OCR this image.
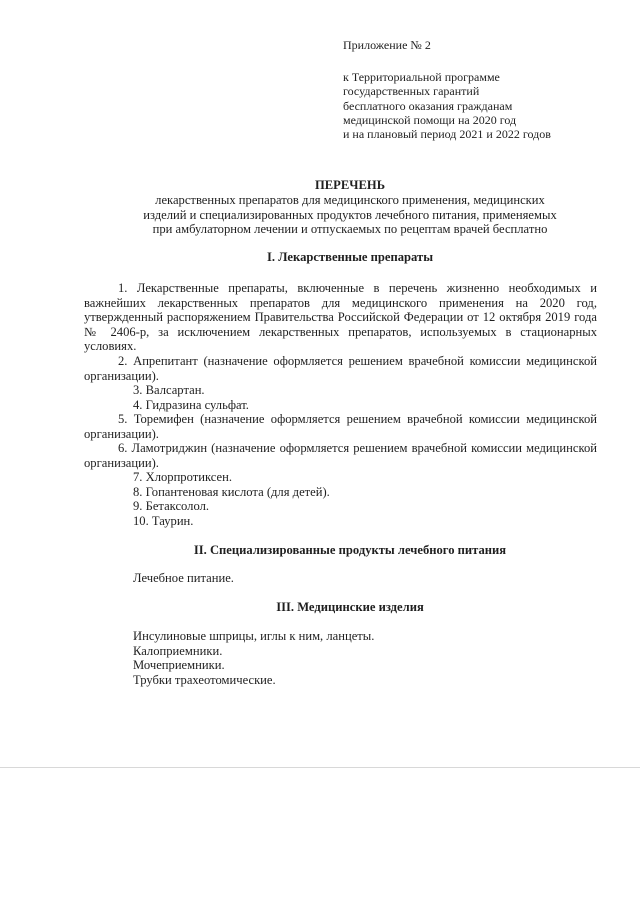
Приложение № 2
к Территориальной программе
государственных гарантий
бесплатного оказания гражданам
медицинской помощи на 2020 год
и на плановый период 2021 и 2022 годов
ПЕРЕЧЕНЬ
лекарственных препаратов для медицинского применения, медицинских
изделий и специализированных продуктов лечебного питания, применяемых
при амбулаторном лечении и отпускаемых по рецептам врачей бесплатно
I. Лекарственные препараты

1. Лекарственные препараты, включенные в перечень жизненно необходимых и важнейших лекарственных препаратов для медицинского применения на 2020 год, утвержденный распоряжением Правительства Российской Федерации от 12 октября 2019 года № 2406-р, за исключением лекарственных препаратов, используемых в стационарных условиях.

2. Апрепитант (назначение оформляется решением врачебной комиссии медицинской организации).

3. Валсартан.

4. Гидразина сульфат.

5. Торемифен (назначение оформляется решением врачебной комиссии медицинской организации).

6. Ламотриджин (назначение оформляется решением врачебной комиссии медицинской организации).

7. Хлорпротиксен.

8. Гопантеновая кислота (для детей).

9. Бетаксолол.

10. Таурин.

II. Специализированные продукты лечебного питания

Лечебное питание.

III. Медицинские изделия

Инсулиновые шприцы, иглы к ним, ланцеты.

Калоприемники.

Мочеприемники.

Трубки трахеотомические.
